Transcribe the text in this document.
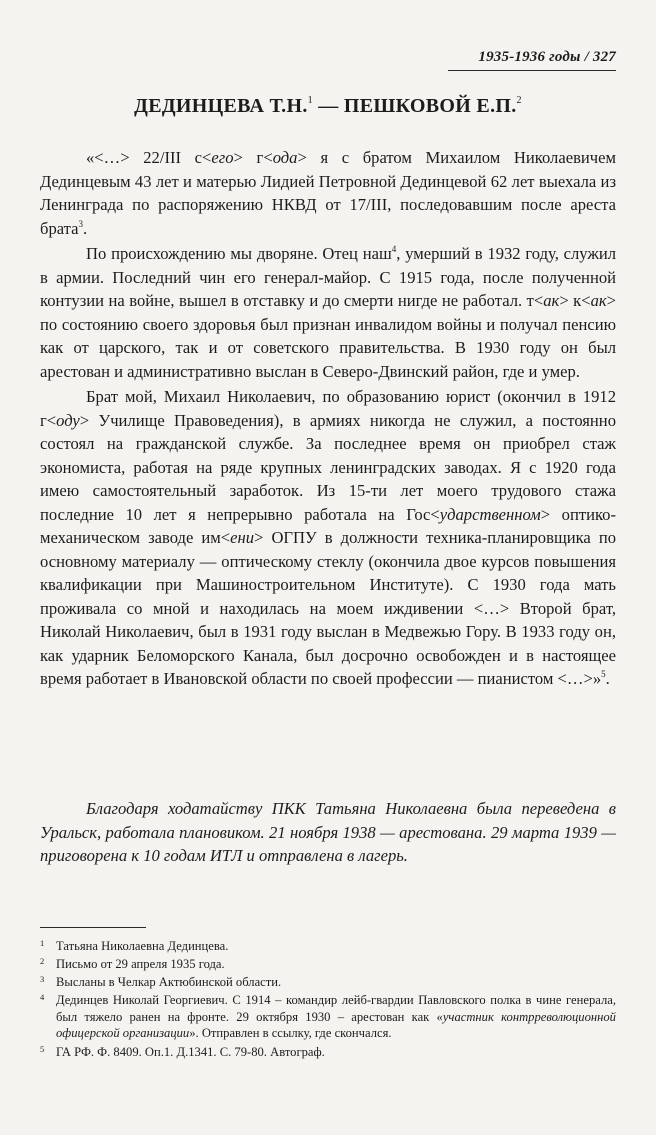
1935-1936 годы / 327
ДЕДИНЦЕВА Т.Н.$^1$ — ПЕШКОВОЙ Е.П.$^2$

«<…> 22/III с<его> г<ода> я с братом Михаилом Николаевичем Дединцевым 43 лет и матерью Лидией Петровной Дединцевой 62 лет выехала из Ленинграда по распоряжению НКВД от 17/III, последовавшим после ареста брата$^3$.

По происхождению мы дворяне. Отец наш$^4$, умерший в 1932 году, служил в армии. Последний чин его генерал-майор. С 1915 года, после полученной контузии на войне, вышел в отставку и до смерти нигде не работал. т<ак> к<ак> по состоянию своего здоровья был признан инвалидом войны и получал пенсию как от царского, так и от советского правительства. В 1930 году он был арестован и административно выслан в Северо-Двинский район, где и умер.

Брат мой, Михаил Николаевич, по образованию юрист (окончил в 1912 г<оду> Училище Правоведения), в армиях никогда не служил, а постоянно состоял на гражданской службе. За последнее время он приобрел стаж экономиста, работая на ряде крупных ленинградских заводах. Я с 1920 года имею самостоятельный заработок. Из 15-ти лет моего трудового стажа последние 10 лет я непрерывно работала на Гос<ударственном> оптико-механическом заводе им<ени> ОГПУ в должности техника-планировщика по основному материалу — оптическому стеклу (окончила двое курсов повышения квалификации при Машиностроительном Институте). С 1930 года мать проживала со мной и находилась на моем иждивении <…> Второй брат, Николай Николаевич, был в 1931 году выслан в Медвежью Гору. В 1933 году он, как ударник Беломорского Канала, был досрочно освобожден и в настоящее время работает в Ивановской области по своей профессии — пианистом <…>»$^5$.

Благодаря ходатайству ПКК Татьяна Николаевна была переведена в Уральск, работала плановиком. 21 ноября 1938 — арестована. 29 марта 1939 — приговорена к 10 годам ИТЛ и отправлена в лагерь.

1 Татьяна Николаевна Дединцева.
2 Письмо от 29 апреля 1935 года.
3 Высланы в Челкар Актюбинской области.
4 Дединцев Николай Георгиевич. С 1914 – командир лейб-гвардии Павловского полка в чине генерала, был тяжело ранен на фронте. 29 октября 1930 – арестован как «участник контрреволюционной офицерской организации». Отправлен в ссылку, где скончался.
5 ГА РФ. Ф. 8409. Оп.1. Д.1341. С. 79-80. Автограф.
